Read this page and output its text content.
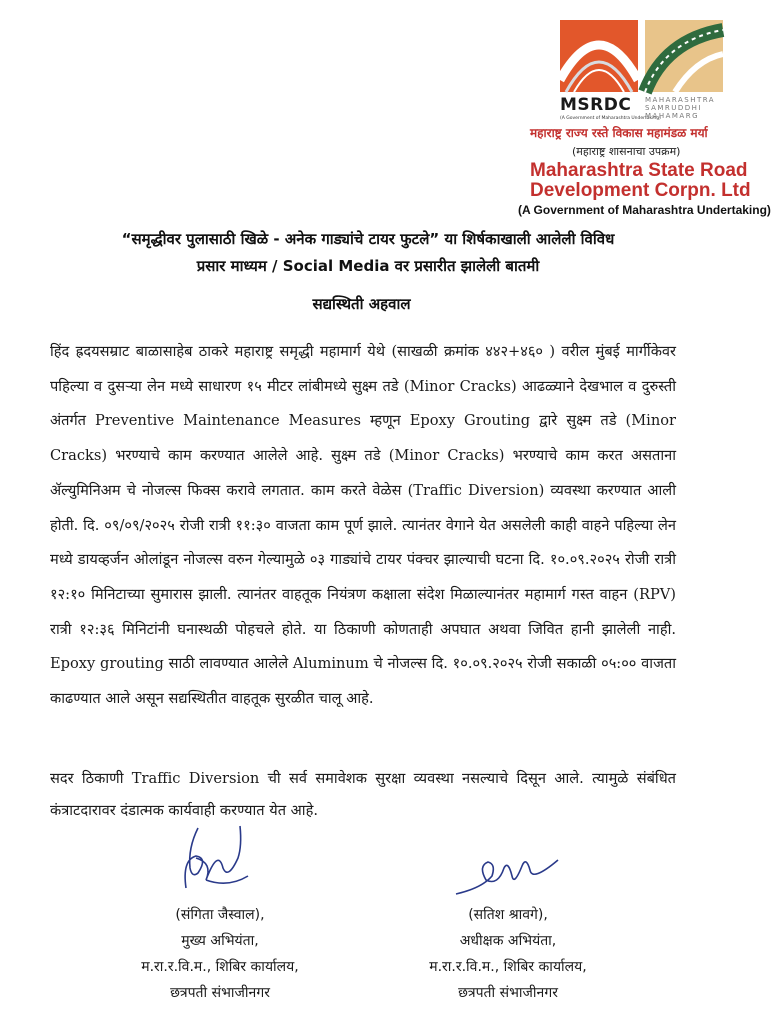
MSRDC
(A Government of Maharashtra Undertaking)
MAHARASHTRA
SAMRUDDHI
MAHAMARG
महाराष्ट्र राज्य रस्ते विकास महामंडळ मर्या
(महाराष्ट्र शासनाचा उपक्रम)
Maharashtra State Road
Development Corpn. Ltd
(A Government of Maharashtra Undertaking)
“समृद्धीवर पुलासाठी खिळे - अनेक गाड्यांचे टायर फुटले” या शिर्षकाखाली आलेली विविध
प्रसार माध्यम / Social Media वर प्रसारीत झालेली बातमी
सद्यस्थिती अहवाल

हिंद ह्रदयसम्राट बाळासाहेब ठाकरे महाराष्ट्र समृद्धी महामार्ग येथे (साखळी क्रमांक ४४२+४६० ) वरील मुंबई मार्गीकेवर पहिल्या व दुसऱ्या लेन मध्ये साधारण १५ मीटर लांबीमध्ये सुक्ष्म तडे (Minor Cracks) आढळ्याने देखभाल व दुरुस्ती अंतर्गत Preventive Maintenance Measures म्हणून Epoxy Grouting द्वारे सुक्ष्म तडे (Minor Cracks) भरण्याचे काम करण्यात आलेले आहे. सुक्ष्म तडे (Minor Cracks) भरण्याचे काम करत असताना ॲल्युमिनिअम चे नोजल्स फिक्स करावे लगतात. काम करते वेळेस (Traffic Diversion) व्यवस्था करण्यात आली होती. दि. ०९/०९/२०२५ रोजी रात्री ११:३० वाजता काम पूर्ण झाले. त्यानंतर वेगाने येत असलेली काही वाहने पहिल्या लेन मध्ये डायव्हर्जन ओलांडून नोजल्स वरुन गेल्यामुळे ०३ गाड्यांचे टायर पंक्चर झाल्याची घटना दि. १०.०९.२०२५ रोजी रात्री १२:१० मिनिटाच्या सुमारास झाली. त्यानंतर वाहतूक नियंत्रण कक्षाला संदेश मिळाल्यानंतर महामार्ग गस्त वाहन (RPV) रात्री १२:३६ मिनिटांनी घनास्थळी पोहचले होते. या ठिकाणी कोणताही अपघात अथवा जिवित हानी झालेली नाही. Epoxy grouting साठी लावण्यात आलेले Aluminum चे नोजल्स दि. १०.०९.२०२५ रोजी सकाळी ०५:०० वाजता काढण्यात आले असून सद्यस्थितीत वाहतूक सुरळीत चालू आहे.

सदर ठिकाणी Traffic Diversion ची सर्व समावेशक सुरक्षा व्यवस्था नसल्याचे दिसून आले. त्यामुळे संबंधित कंत्राटदारावर दंडात्मक कार्यवाही करण्यात येत आहे.

(संगिता जैस्वाल),
मुख्य अभियंता,
म.रा.र.वि.म., शिबिर कार्यालय,
छत्रपती संभाजीनगर
(सतिश श्रावगे),
अधीक्षक अभियंता,
म.रा.र.वि.म., शिबिर कार्यालय,
छत्रपती संभाजीनगर
